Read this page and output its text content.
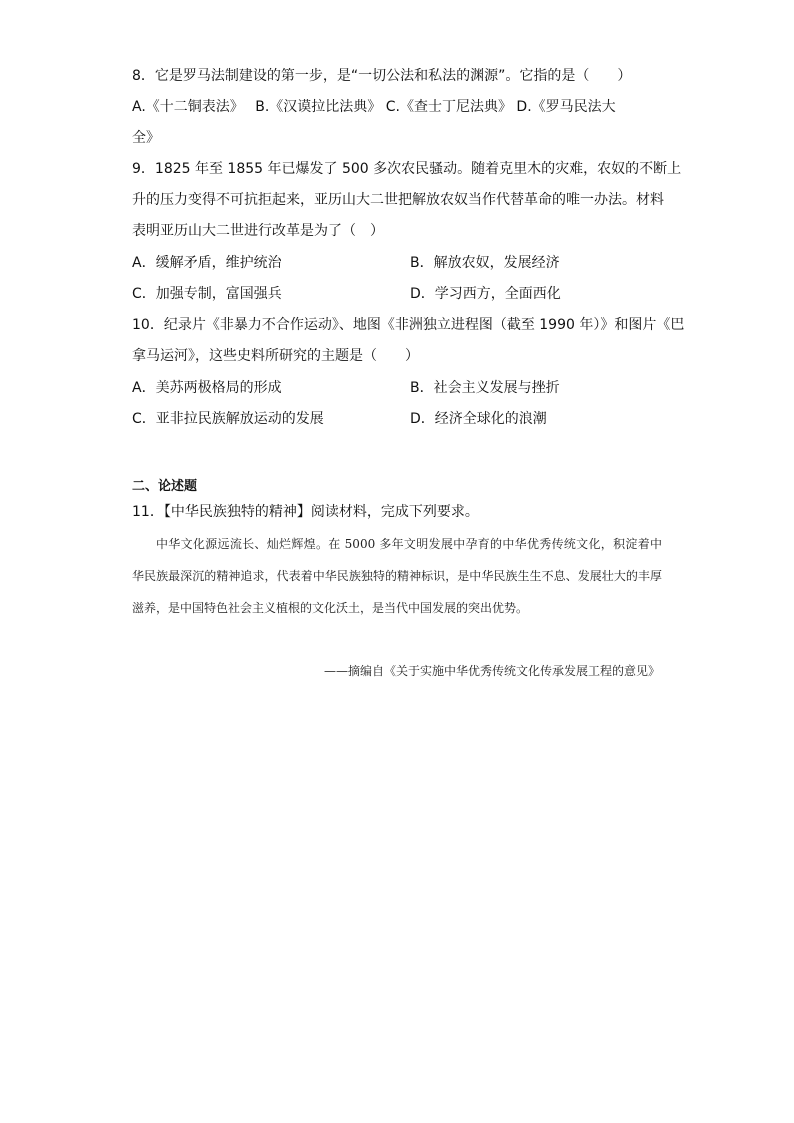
8．它是罗马法制建设的第一步，是“一切公法和私法的渊源”。它指的是（　　）
A.《十二铜表法》　 B.《汉谟拉比法典》 C.《查士丁尼法典》 D.《罗马民法大
全》
9．1825 年至 1855 年已爆发了 500 多次农民骚动。随着克里木的灾难，农奴的不断上
升的压力变得不可抗拒起来，亚历山大二世把解放农奴当作代替革命的唯一办法。材料
表明亚历山大二世进行改革是为了（　）
A．缓解矛盾，维护统治	B．解放农奴，发展经济
C．加强专制，富国强兵	D．学习西方，全面西化
10．纪录片《非暴力不合作运动》、地图《非洲独立进程图（截至 1990 年）》和图片《巴
拿马运河》，这些史料所研究的主题是（　　）
A．美苏两极格局的形成	B．社会主义发展与挫折
C．亚非拉民族解放运动的发展	D．经济全球化的浪潮
二、论述题
11．【中华民族独特的精神】阅读材料，完成下列要求。

中华文化源远流长、灿烂辉煌。在 5000 多年文明发展中孕育的中华优秀传统文化，积淀着中华民族最深沉的精神追求，代表着中华民族独特的精神标识，是中华民族生生不息、发展壮大的丰厚滋养，是中国特色社会主义植根的文化沃土，是当代中国发展的突出优势。

——摘编自《关于实施中华优秀传统文化传承发展工程的意见》
